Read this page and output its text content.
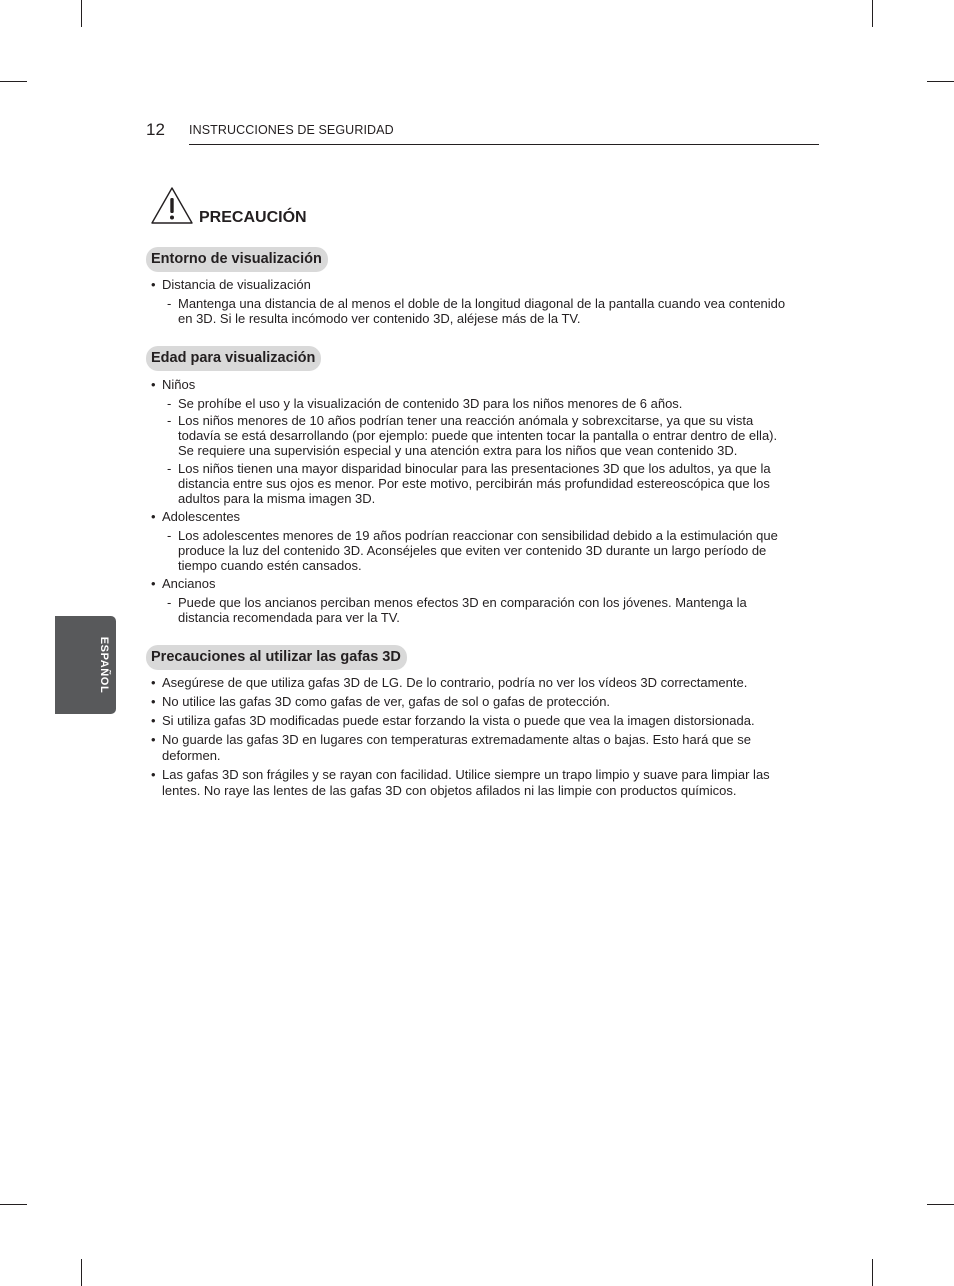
12 INSTRUCCIONES DE SEGURIDAD
ESPAÑOL
PRECAUCIÓN
Entorno de visualización
• Distancia de visualización
- Mantenga una distancia de al menos el doble de la longitud diagonal de la pantalla cuando vea contenido
en 3D. Si le resulta incómodo ver contenido 3D, aléjese más de la TV.
Edad para visualización
• Niños
- Se prohíbe el uso y la visualización de contenido 3D para los niños menores de 6 años.
- Los niños menores de 10 años podrían tener una reacción anómala y sobrexcitarse, ya que su vista
todavía se está desarrollando (por ejemplo: puede que intenten tocar la pantalla o entrar dentro de ella).
Se requiere una supervisión especial y una atención extra para los niños que vean contenido 3D.
- Los niños tienen una mayor disparidad binocular para las presentaciones 3D que los adultos, ya que la
distancia entre sus ojos es menor. Por este motivo, percibirán más profundidad estereoscópica que los
adultos para la misma imagen 3D.
• Adolescentes
- Los adolescentes menores de 19 años podrían reaccionar con sensibilidad debido a la estimulación que
produce la luz del contenido 3D. Aconséjeles que eviten ver contenido 3D durante un largo período de
tiempo cuando estén cansados.
• Ancianos
- Puede que los ancianos perciban menos efectos 3D en comparación con los jóvenes. Mantenga la
distancia recomendada para ver la TV.
Precauciones al utilizar las gafas 3D
• Asegúrese de que utiliza gafas 3D de LG. De lo contrario, podría no ver los vídeos 3D correctamente.
• No utilice las gafas 3D como gafas de ver, gafas de sol o gafas de protección.
• Si utiliza gafas 3D modificadas puede estar forzando la vista o puede que vea la imagen distorsionada.
• No guarde las gafas 3D en lugares con temperaturas extremadamente altas o bajas. Esto hará que se
deformen.
• Las gafas 3D son frágiles y se rayan con facilidad. Utilice siempre un trapo limpio y suave para limpiar las
lentes. No raye las lentes de las gafas 3D con objetos afilados ni las limpie con productos químicos.
